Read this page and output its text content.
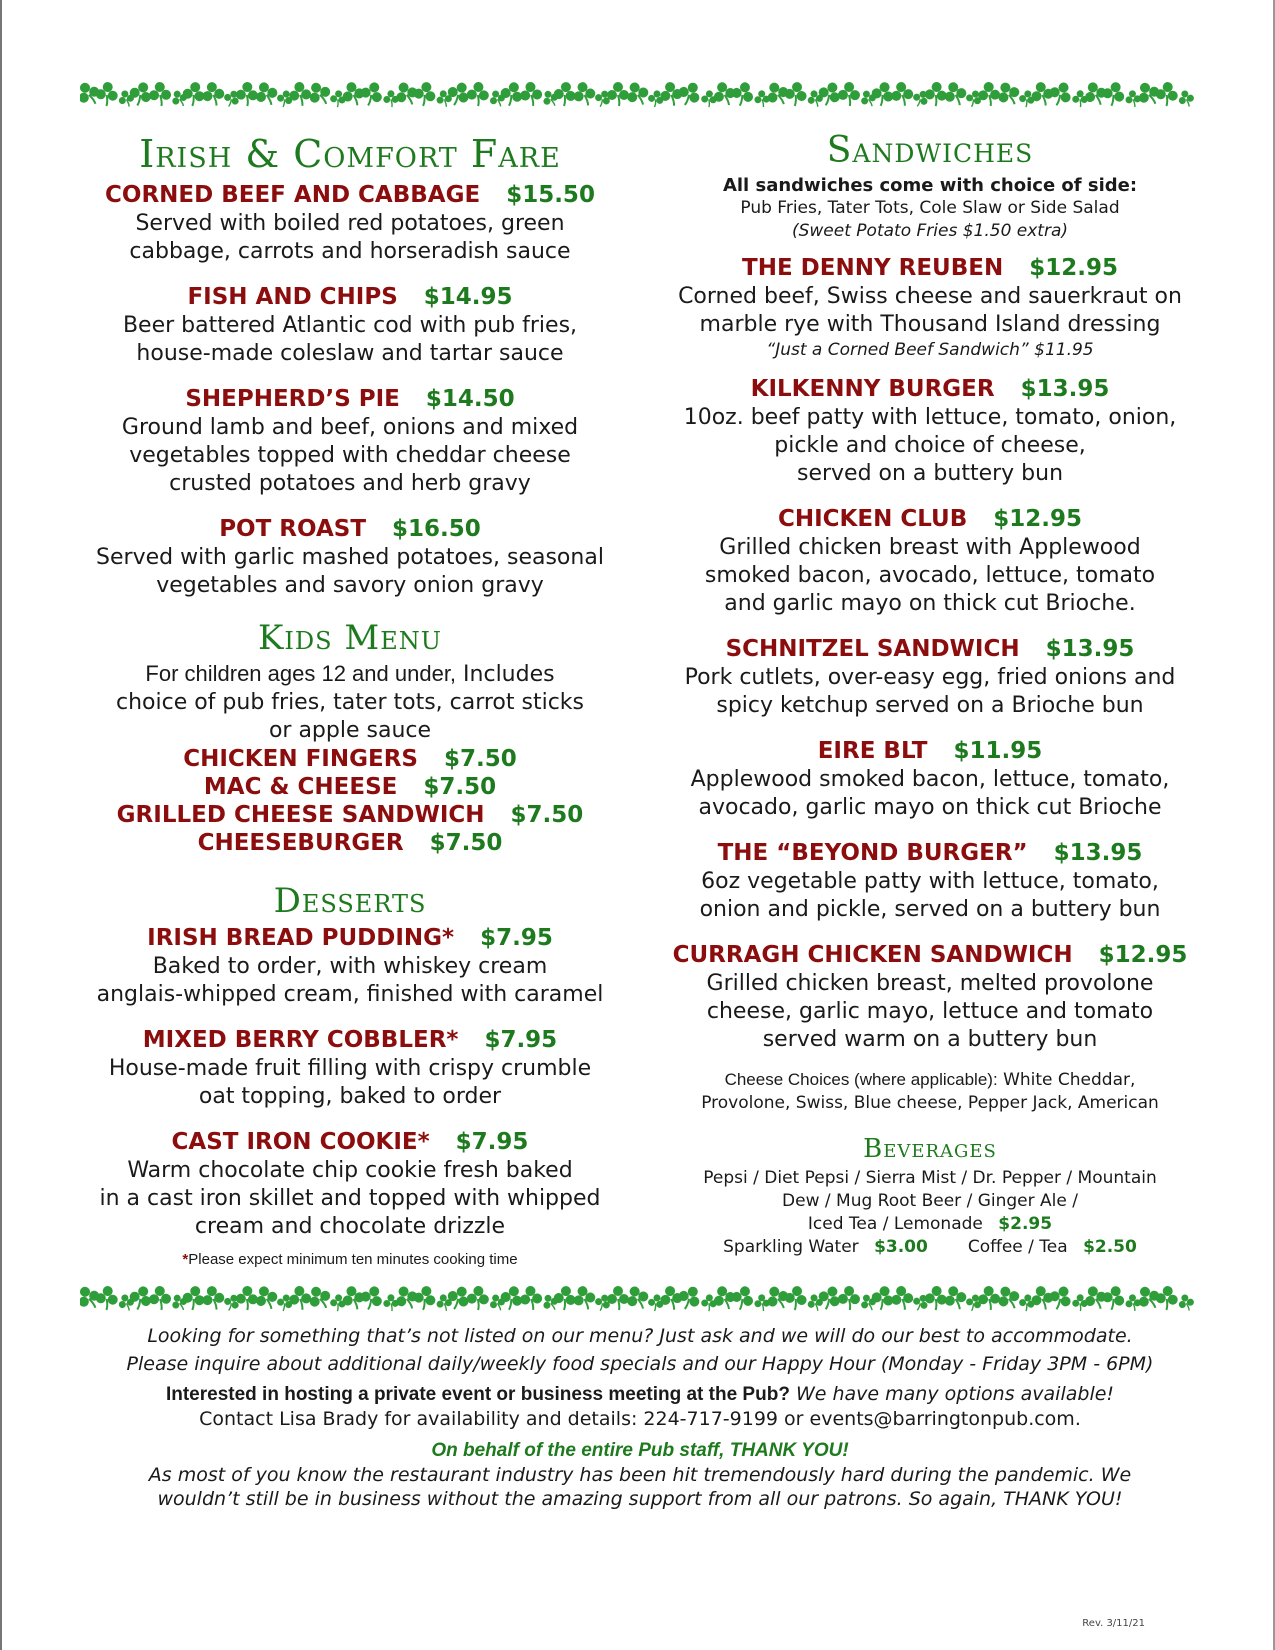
Irish & Comfort Fare
CORNED BEEF AND CABBAGE $15.50
Served with boiled red potatoes, green
cabbage, carrots and horseradish sauce
FISH AND CHIPS $14.95
Beer battered Atlantic cod with pub fries,
house-made coleslaw and tartar sauce
SHEPHERD’S PIE $14.50
Ground lamb and beef, onions and mixed
vegetables topped with cheddar cheese
crusted potatoes and herb gravy
POT ROAST $16.50
Served with garlic mashed potatoes, seasonal
vegetables and savory onion gravy
Kids Menu
For children ages 12 and under, Includes
choice of pub fries, tater tots, carrot sticks
or apple sauce
CHICKEN FINGERS $7.50
MAC & CHEESE $7.50
GRILLED CHEESE SANDWICH $7.50
CHEESEBURGER $7.50
Desserts
IRISH BREAD PUDDING* $7.95
Baked to order, with whiskey cream
anglais-whipped cream, finished with caramel
MIXED BERRY COBBLER* $7.95
House-made fruit filling with crispy crumble
oat topping, baked to order
CAST IRON COOKIE* $7.95
Warm chocolate chip cookie fresh baked
in a cast iron skillet and topped with whipped
cream and chocolate drizzle
*Please expect minimum ten minutes cooking time
Sandwiches
All sandwiches come with choice of side:
Pub Fries, Tater Tots, Cole Slaw or Side Salad
(Sweet Potato Fries $1.50 extra)
THE DENNY REUBEN $12.95
Corned beef, Swiss cheese and sauerkraut on
marble rye with Thousand Island dressing
“Just a Corned Beef Sandwich” $11.95
KILKENNY BURGER $13.95
10oz. beef patty with lettuce, tomato, onion,
pickle and choice of cheese,
served on a buttery bun
CHICKEN CLUB $12.95
Grilled chicken breast with Applewood
smoked bacon, avocado, lettuce, tomato
and garlic mayo on thick cut Brioche.
SCHNITZEL SANDWICH $13.95
Pork cutlets, over-easy egg, fried onions and
spicy ketchup served on a Brioche bun
EIRE BLT $11.95
Applewood smoked bacon, lettuce, tomato,
avocado, garlic mayo on thick cut Brioche
THE “BEYOND BURGER” $13.95
6oz vegetable patty with lettuce, tomato,
onion and pickle, served on a buttery bun
CURRAGH CHICKEN SANDWICH $12.95
Grilled chicken breast, melted provolone
cheese, garlic mayo, lettuce and tomato
served warm on a buttery bun
Cheese Choices (where applicable): White Cheddar,
Provolone, Swiss, Blue cheese, Pepper Jack, American
Beverages
Pepsi / Diet Pepsi / Sierra Mist / Dr. Pepper / Mountain
Dew / Mug Root Beer / Ginger Ale /
Iced Tea / Lemonade $2.95
Sparkling Water $3.00 Coffee / Tea $2.50
Looking for something that’s not listed on our menu? Just ask and we will do our best to accommodate.
Please inquire about additional daily/weekly food specials and our Happy Hour (Monday - Friday 3PM - 6PM)
Interested in hosting a private event or business meeting at the Pub? We have many options available!
Contact Lisa Brady for availability and details: 224-717-9199 or events@barringtonpub.com.
On behalf of the entire Pub staff, THANK YOU!
As most of you know the restaurant industry has been hit tremendously hard during the pandemic. We
wouldn’t still be in business without the amazing support from all our patrons. So again, THANK YOU!
Rev. 3/11/21
